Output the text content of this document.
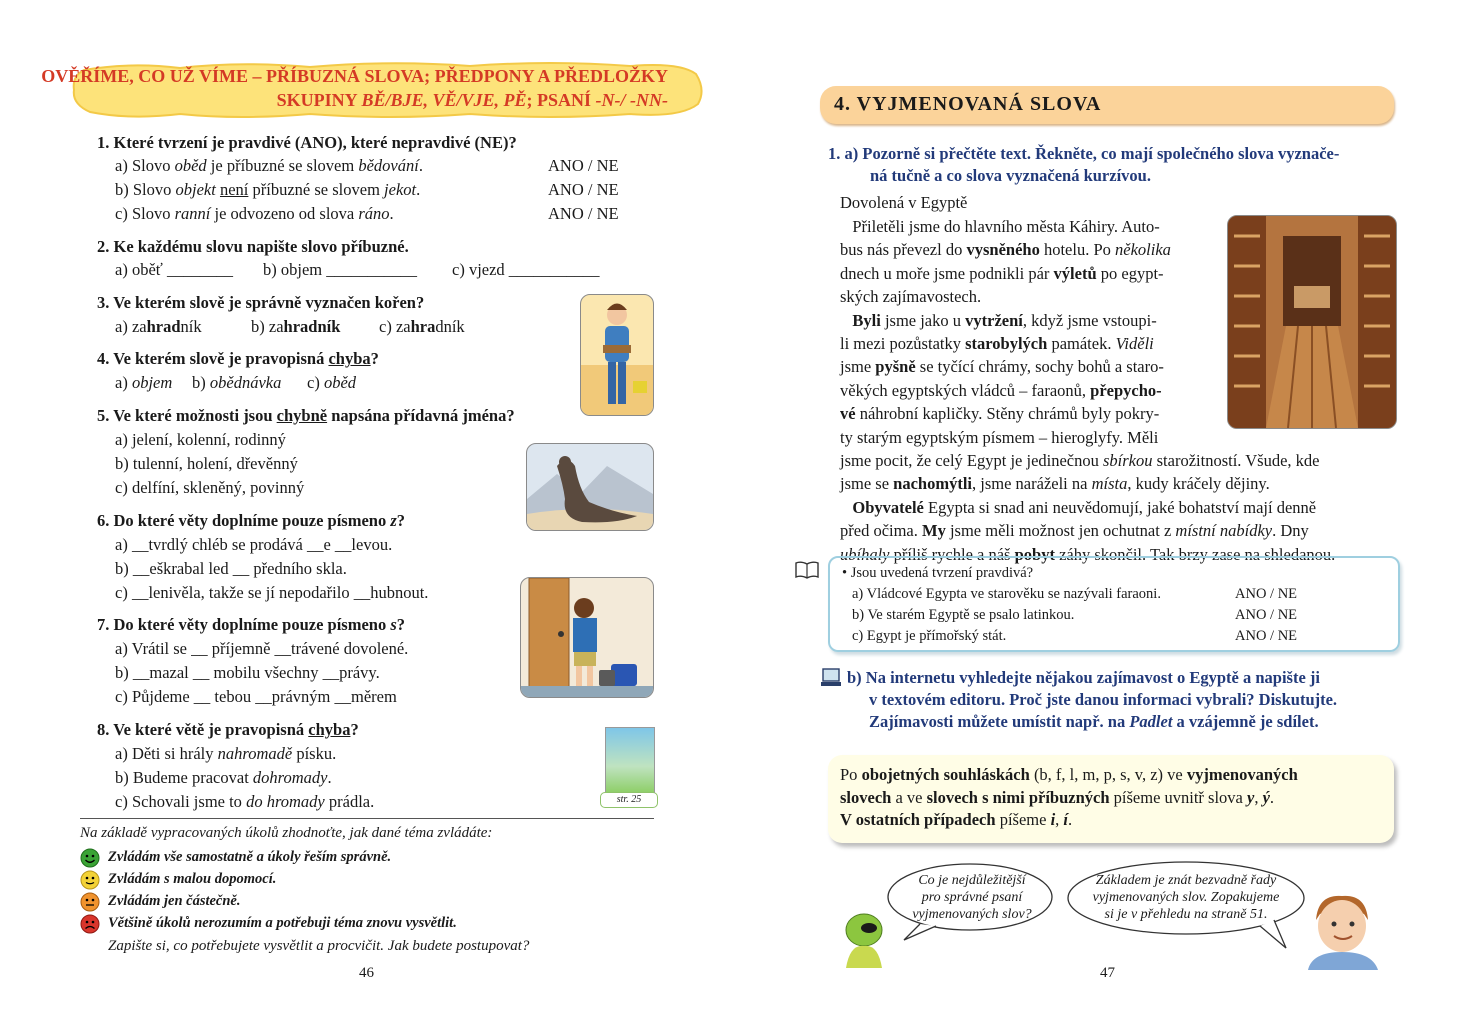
OVĚŘÍME, CO UŽ VÍME – PŘÍBUZNÁ SLOVA; PŘEDPONY A PŘEDLOŽKY
SKUPINY BĚ/BJE, VĚ/VJE, PĚ; PSANÍ -N-/ -NN-
1. Které tvrzení je pravdivé (ANO), které nepravdivé (NE)?
a) Slovo oběd je příbuzné se slovem bědování.	ANO / NE
b) Slovo objekt není příbuzné se slovem jekot.	ANO / NE
c) Slovo ranní je odvozeno od slova ráno.	ANO / NE
2. Ke každému slovu napište slovo příbuzné.
a) oběť ________ b) objem ___________ c) vjezd ___________
3. Ve kterém slově je správně vyznačen kořen?
a) zahradník	b) zahradník c) zahradník
4. Ve kterém slově je pravopisná chyba?
a) objem b) obědnávka c) oběd
5. Ve které možnosti jsou chybně napsána přídavná jména?
a) jelení, kolenní, rodinný
b) tulenní, holení, dřevěnný
c) delfíní, skleněný, povinný
6. Do které věty doplníme pouze písmeno z?
a) __tvrdlý chléb se prodává __e __levou.
b) __eškrabal led __ předního skla.
c) __lenivěla, takže se jí nepodařilo __hubnout.
7. Do které věty doplníme pouze písmeno s?
a) Vrátil se __ příjemně __trávené dovolené.
b) __mazal __ mobilu všechny __právy.
c) Půjdeme __ tebou __právným __měrem
8. Ve které větě je pravopisná chyba?
a) Děti si hrály nahromadě písku.
b) Budeme pracovat dohromady.
c) Schovali jsme to do hromady prádla.	str. 25
Na základě vypracovaných úkolů zhodnoťte, jak dané téma zvládáte:
Zvládám vše samostatně a úkoly řeším správně.
Zvládám s malou dopomocí.
Zvládám jen částečně.
Většině úkolů nerozumím a potřebuji téma znovu vysvětlit.
Zapište si, co potřebujete vysvětlit a procvičit. Jak budete postupovat?
46
4. VYJMENOVANÁ SLOVA
1. a) Pozorně si přečtěte text. Řekněte, co mají společného slova vyznače-
ná tučně a co slova vyznačená kurzívou.
Dovolená v Egyptě
Přiletěli jsme do hlavního města Káhiry. Auto-
bus nás převezl do vysněného hotelu. Po několika
dnech u moře jsme podnikli pár výletů po egypt-
ských zajímavostech.
Byli jsme jako u vytržení, když jsme vstoupi-
li mezi pozůstatky starobylých památek. Viděli
jsme pyšně se tyčící chrámy, sochy bohů a staro-
věkých egyptských vládců – faraonů, přepycho-
vé náhrobní kapličky. Stěny chrámů byly pokry-
ty starým egyptským písmem – hieroglyfy. Měli
jsme pocit, že celý Egypt je jedinečnou sbírkou starožitností. Všude, kde
jsme se nachomýtli, jsme naráželi na místa, kudy kráčely dějiny.
Obyvatelé Egypta si snad ani neuvědomují, jaké bohatství mají denně
před očima. My jsme měli možnost jen ochutnat z místní nabídky. Dny
ubíhaly příliš rychle a náš pobyt záhy skončil. Tak brzy zase na shledanou.
• Jsou uvedená tvrzení pravdivá?
a) Vládcové Egypta ve starověku se nazývali faraoni.	ANO / NE
b) Ve starém Egyptě se psalo latinkou.	ANO / NE
c) Egypt je přímořský stát.	ANO / NE
b) Na internetu vyhledejte nějakou zajímavost o Egyptě a napište ji
v textovém editoru. Proč jste danou informaci vybrali? Diskutujte.
Zajímavosti můžete umístit např. na Padlet a vzájemně je sdílet.
Po obojetných souhláskách (b, f, l, m, p, s, v, z) ve vyjmenovaných
slovech a ve slovech s nimi příbuzných píšeme uvnitř slova y, ý.
V ostatních případech píšeme i, í.
Co je nejdůležitější
pro správné psaní
vyjmenovaných slov?
Základem je znát bezvadně řady
vyjmenovaných slov. Zopakujeme
si je v přehledu na straně 51.
47
